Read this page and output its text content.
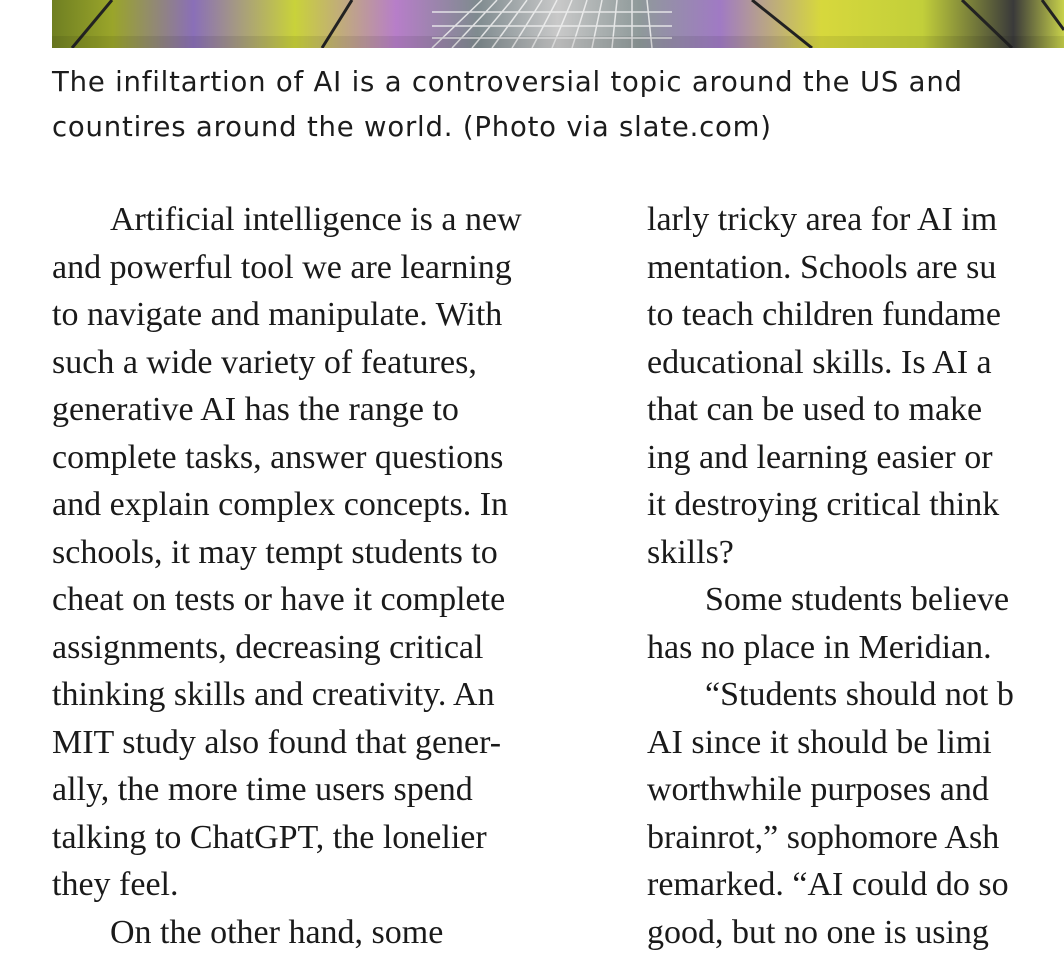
The infiltartion of AI is a controversial topic around the US and
countires around the world. (Photo via slate.com)

Artificial intelligence is a new
and powerful tool we are learning
to navigate and manipulate. With
such a wide variety of features,
generative AI has the range to
complete tasks, answer questions
and explain complex concepts. In
schools, it may tempt students to
cheat on tests or have it complete
assignments, decreasing critical
thinking skills and creativity. An
MIT study also found that gener-
ally, the more time users spend
talking to ChatGPT, the lonelier
they feel.
On the other hand, some
larly tricky area for AI im
mentation. Schools are su
to teach children fundame
educational skills. Is AI a
that can be used to make
ing and learning easier or
it destroying critical think
skills?
Some students believe
has no place in Meridian.
“Students should not b
AI since it should be limi
worthwhile purposes and
brainrot,” sophomore Ash
remarked. “AI could do so
good, but no one is using
